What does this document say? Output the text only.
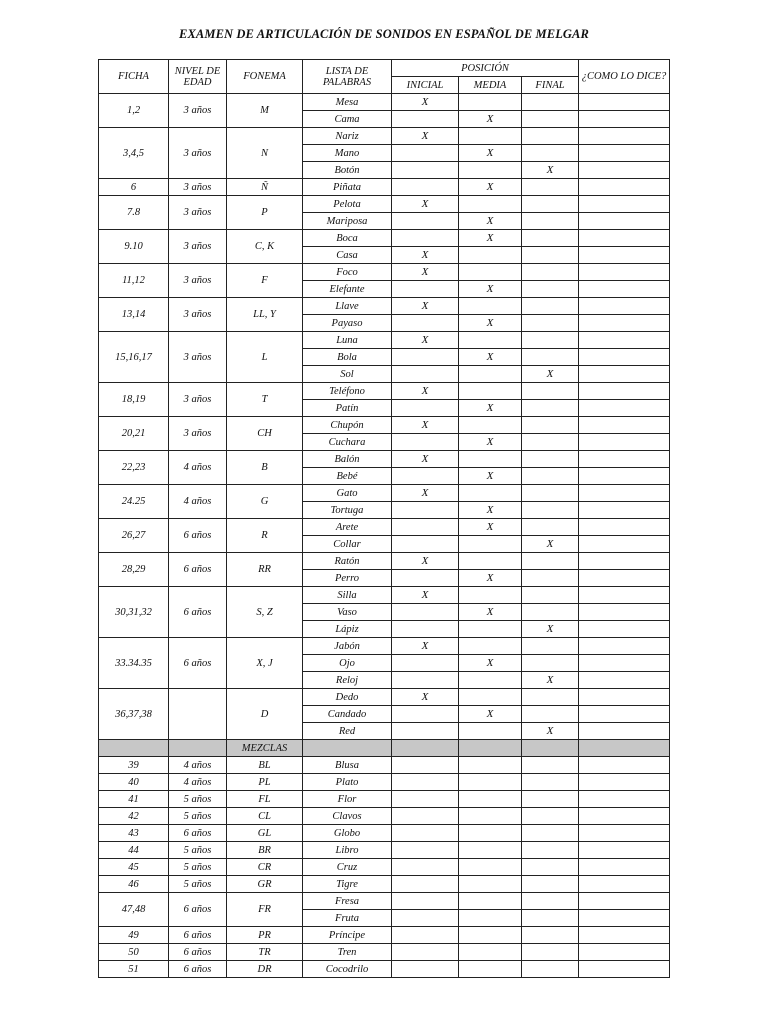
EXAMEN DE ARTICULACIÓN DE SONIDOS EN ESPAÑOL DE MELGAR
FICHA	NIVEL DE EDAD	FONEMA	LISTA DE PALABRAS	POSICIÓN			¿COMO LO DICE?
				INICIAL	MEDIA	FINAL	
1,2	3 años	M	Mesa	X			
			Cama		X		
3,4,5	3 años	N	Nariz	X			
			Mano		X		
			Botón			X	
6	3 años	Ñ	Piñata		X		
7.8	3 años	P	Pelota	X			
			Mariposa		X		
9.10	3 años	C, K	Boca		X		
			Casa	X			
11,12	3 años	F	Foco	X			
			Elefante		X		
13,14	3 años	LL, Y	Llave	X			
			Payaso		X		
15,16,17	3 años	L	Luna	X			
			Bola		X		
			Sol			X	
18,19	3 años	T	Teléfono	X			
			Patín		X		
20,21	3 años	CH	Chupón	X			
			Cuchara		X		
22,23	4 años	B	Balón	X			
			Bebé		X		
24.25	4 años	G	Gato	X			
			Tortuga		X		
26,27	6 años	R	Arete		X		
			Collar			X	
28,29	6 años	RR	Ratón	X			
			Perro		X		
30,31,32	6 años	S, Z	Silla	X			
			Vaso		X		
			Lápiz			X	
33.34.35	6 años	X, J	Jabón	X			
			Ojo		X		
			Reloj			X	
36,37,38		D	Dedo	X			
			Candado		X		
			Red			X	
		MEZCLAS					
39	4 años	BL	Blusa				
40	4 años	PL	Plato				
41	5 años	FL	Flor				
42	5 años	CL	Clavos				
43	6 años	GL	Globo				
44	5 años	BR	Libro				
45	5 años	CR	Cruz				
46	5 años	GR	Tigre				
47,48	6 años	FR	Fresa				
			Fruta				
49	6 años	PR	Príncipe				
50	6 años	TR	Tren				
51	6 años	DR	Cocodrilo				
